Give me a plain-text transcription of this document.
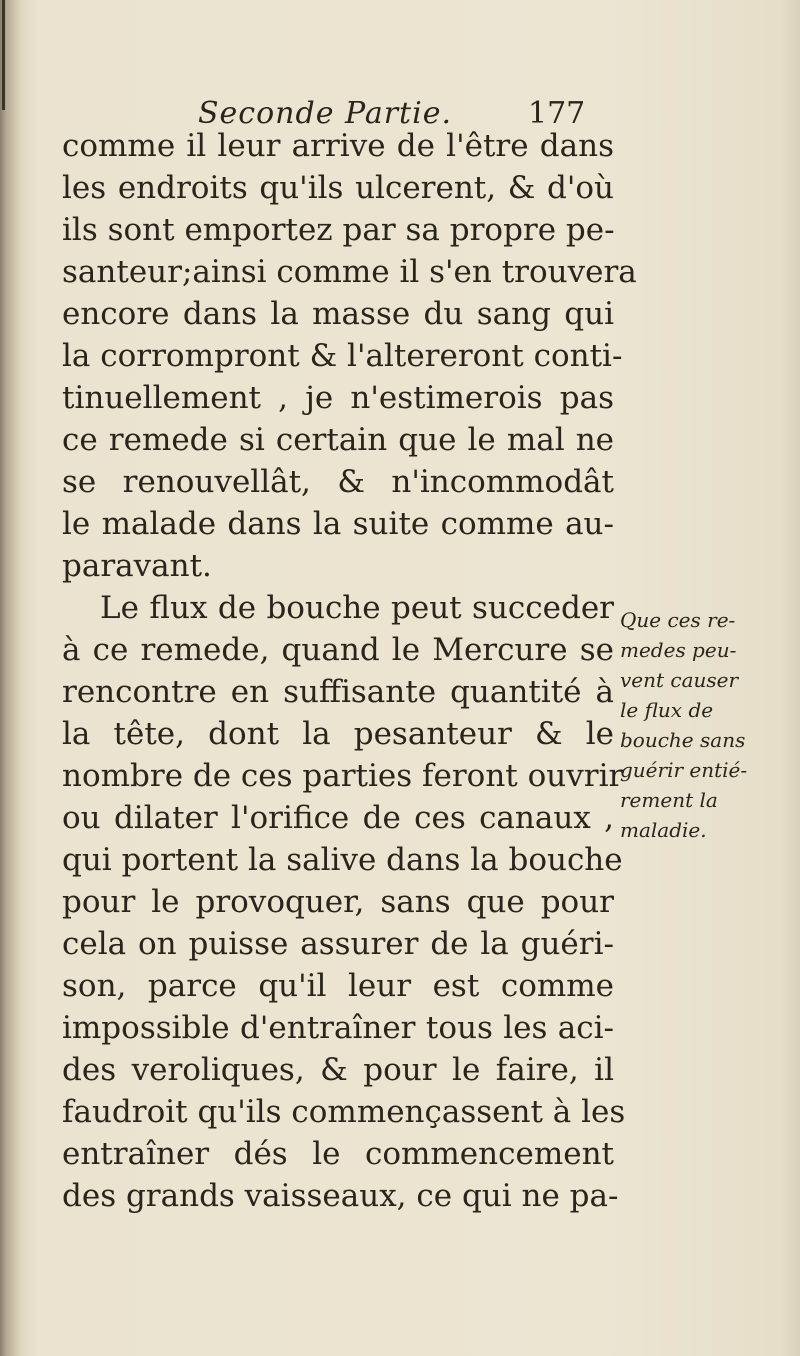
Seconde Partie.	177
comme il leur arrive de l'être dans
les endroits qu'ils ulcerent, & d'où
ils sont emportez par sa propre pe-
santeur;ainsi comme il s'en trouvera
encore dans la masse du sang qui
la corrompront & l'altereront conti-
tinuellement , je n'estimerois pas
ce remede si certain que le mal ne
se renouvellât, & n'incommodât
le malade dans la suite comme au-
paravant.
Le flux de bouche peut succeder
à ce remede, quand le Mercure se
rencontre en suffisante quantité à
la tête, dont la pesanteur & le
nombre de ces parties feront ouvrir
ou dilater l'orifice de ces canaux ,
qui portent la salive dans la bouche
pour le provoquer, sans que pour
cela on puisse assurer de la guéri-
son, parce qu'il leur est comme
impossible d'entraîner tous les aci-
des veroliques, & pour le faire, il
faudroit qu'ils commençassent à les
entraîner dés le commencement
des grands vaisseaux, ce qui ne pa-
Que ces re-
medes peu-
vent causer
le flux de
bouche sans
guérir entié-
rement la
maladie.
